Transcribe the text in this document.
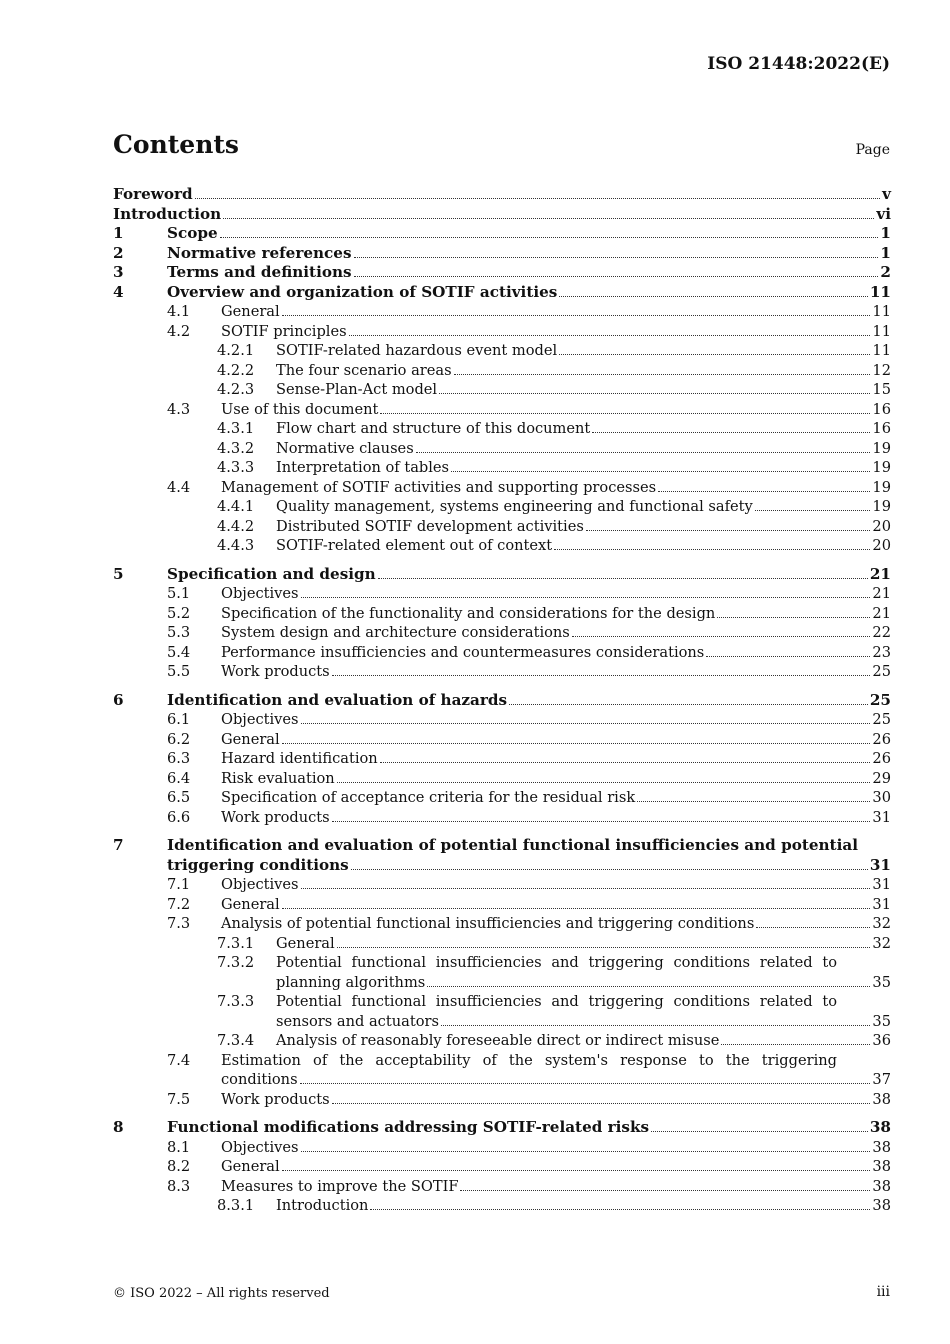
ISO 21448:2022(E)
Contents	Page
Foreword	v
Introduction	vi
1	Scope	1
2	Normative references	1
3	Terms and definitions	2
4	Overview and organization of SOTIF activities	11
4.1 General	11
4.2 SOTIF principles	11
4.2.1 SOTIF-related hazardous event model	11
4.2.2 The four scenario areas	12
4.2.3 Sense-Plan-Act model	15
4.3 Use of this document	16
4.3.1 Flow chart and structure of this document	16
4.3.2 Normative clauses	19
4.3.3 Interpretation of tables	19
4.4 Management of SOTIF activities and supporting processes	19
4.4.1 Quality management, systems engineering and functional safety	19
4.4.2 Distributed SOTIF development activities	20
4.4.3 SOTIF-related element out of context	20
5	Specification and design	21
5.1 Objectives	21
5.2 Specification of the functionality and considerations for the design	21
5.3 System design and architecture considerations	22
5.4 Performance insufficiencies and countermeasures considerations	23
5.5 Work products	25
6	Identification and evaluation of hazards	25
6.1 Objectives	25
6.2 General	26
6.3 Hazard identification	26
6.4 Risk evaluation	29
6.5 Specification of acceptance criteria for the residual risk	30
6.6 Work products	31
7	Identification and evaluation of potential functional insufficiencies and potential
triggering conditions	31
7.1 Objectives	31
7.2 General	31
7.3 Analysis of potential functional insufficiencies and triggering conditions	32
7.3.1 General	32
7.3.2 Potential functional insufficiencies and triggering conditions related to
planning algorithms	35
7.3.3 Potential functional insufficiencies and triggering conditions related to
sensors and actuators	35
7.3.4 Analysis of reasonably foreseeable direct or indirect misuse	36
7.4 Estimation of the acceptability of the system's response to the triggering
conditions	37
7.5 Work products	38
8	Functional modifications addressing SOTIF-related risks	38
8.1 Objectives	38
8.2 General	38
8.3 Measures to improve the SOTIF	38
8.3.1 Introduction	38
© ISO 2022 – All rights reserved	iii
